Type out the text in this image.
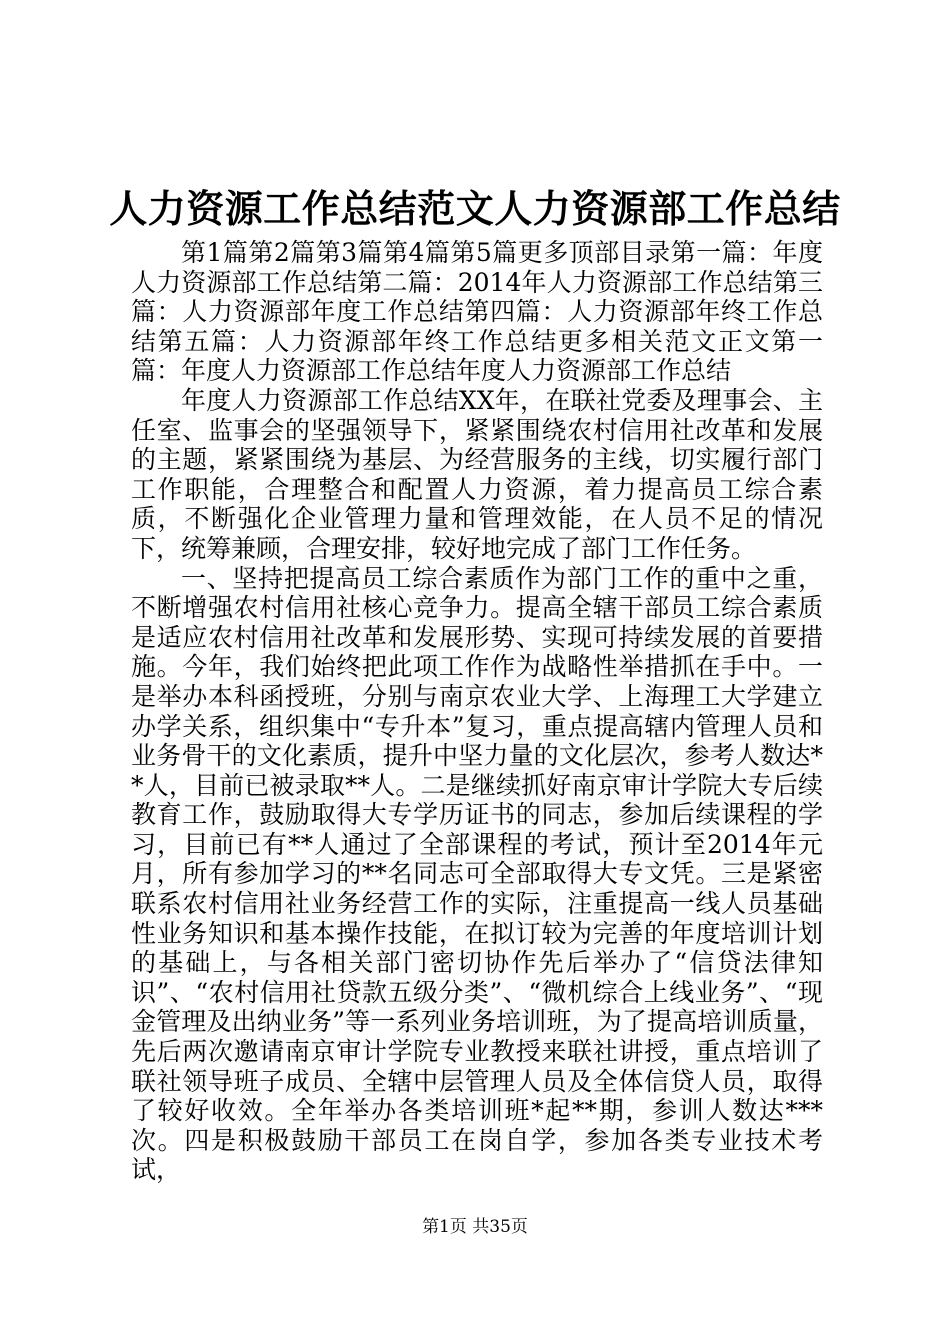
人力资源工作总结范文人力资源部工作总结

第1篇第2篇第3篇第4篇第5篇更多顶部目录第一篇：年度人力资源部工作总结第二篇：2014年人力资源部工作总结第三篇：人力资源部年度工作总结第四篇：人力资源部年终工作总结第五篇：人力资源部年终工作总结更多相关范文正文第一篇：年度人力资源部工作总结年度人力资源部工作总结

年度人力资源部工作总结XX年，在联社党委及理事会、主任室、监事会的坚强领导下，紧紧围绕农村信用社改革和发展的主题，紧紧围绕为基层、为经营服务的主线，切实履行部门工作职能，合理整合和配置人力资源，着力提高员工综合素质，不断强化企业管理力量和管理效能，在人员不足的情况下，统筹兼顾，合理安排，较好地完成了部门工作任务。

一、坚持把提高员工综合素质作为部门工作的重中之重，不断增强农村信用社核心竞争力。提高全辖干部员工综合素质是适应农村信用社改革和发展形势、实现可持续发展的首要措施。今年，我们始终把此项工作作为战略性举措抓在手中。一是举办本科函授班，分别与南京农业大学、上海理工大学建立办学关系，组织集中“专升本”复习，重点提高辖内管理人员和业务骨干的文化素质，提升中坚力量的文化层次，参考人数达**人，目前已被录取**人。二是继续抓好南京审计学院大专后续教育工作，鼓励取得大专学历证书的同志，参加后续课程的学习，目前已有**人通过了全部课程的考试，预计至2014年元月，所有参加学习的**名同志可全部取得大专文凭。三是紧密联系农村信用社业务经营工作的实际，注重提高一线人员基础性业务知识和基本操作技能，在拟订较为完善的年度培训计划的基础上，与各相关部门密切协作先后举办了“信贷法律知识”、“农村信用社贷款五级分类”、“微机综合上线业务”、“现金管理及出纳业务”等一系列业务培训班，为了提高培训质量，先后两次邀请南京审计学院专业教授来联社讲授，重点培训了联社领导班子成员、全辖中层管理人员及全体信贷人员，取得了较好收效。全年举办各类培训班*起**期，参训人数达***次。四是积极鼓励干部员工在岗自学，参加各类专业技术考试，

第1页 共35页
